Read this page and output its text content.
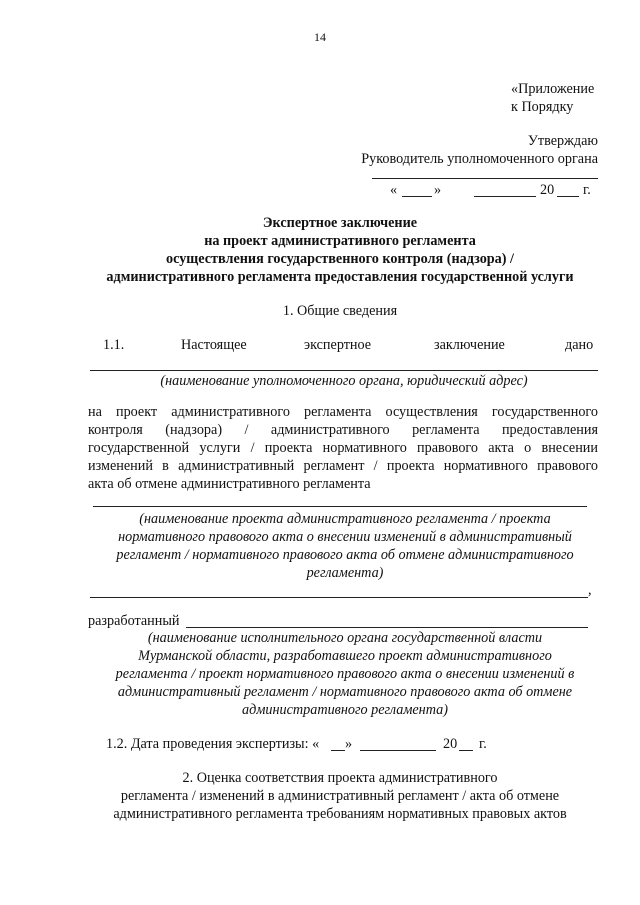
14
«Приложение
к Порядку
Утверждаю
Руководитель уполномоченного органа
«	»	20 г.
Экспертное заключение
на проект административного регламента
осуществления государственного контроля (надзора) /
административного регламента предоставления государственной услуги
1. Общие сведения
1.1.	Настоящее	экспертное	заключение	дано
(наименование уполномоченного органа, юридический адрес)
на проект административного регламента осуществления государственного
контроля (надзора) / административного регламента предоставления
государственной услуги / проекта нормативного правового акта о внесении
изменений в административный регламент / проекта нормативного правового
акта об отмене административного регламента
(наименование проекта административного регламента / проекта
нормативного правового акта о внесении изменений в административный
регламент / нормативного правового акта об отмене административного
регламента)
,
разработанный
(наименование исполнительного органа государственной власти
Мурманской области, разработавшего проект административного
регламента / проект нормативного правового акта о внесении изменений в
административный регламент / нормативного правового акта об отмене
административного регламента)
1.2. Дата проведения экспертизы: « »	20 г.
2. Оценка соответствия проекта административного
регламента / изменений в административный регламент / акта об отмене
административного регламента требованиям нормативных правовых актов
